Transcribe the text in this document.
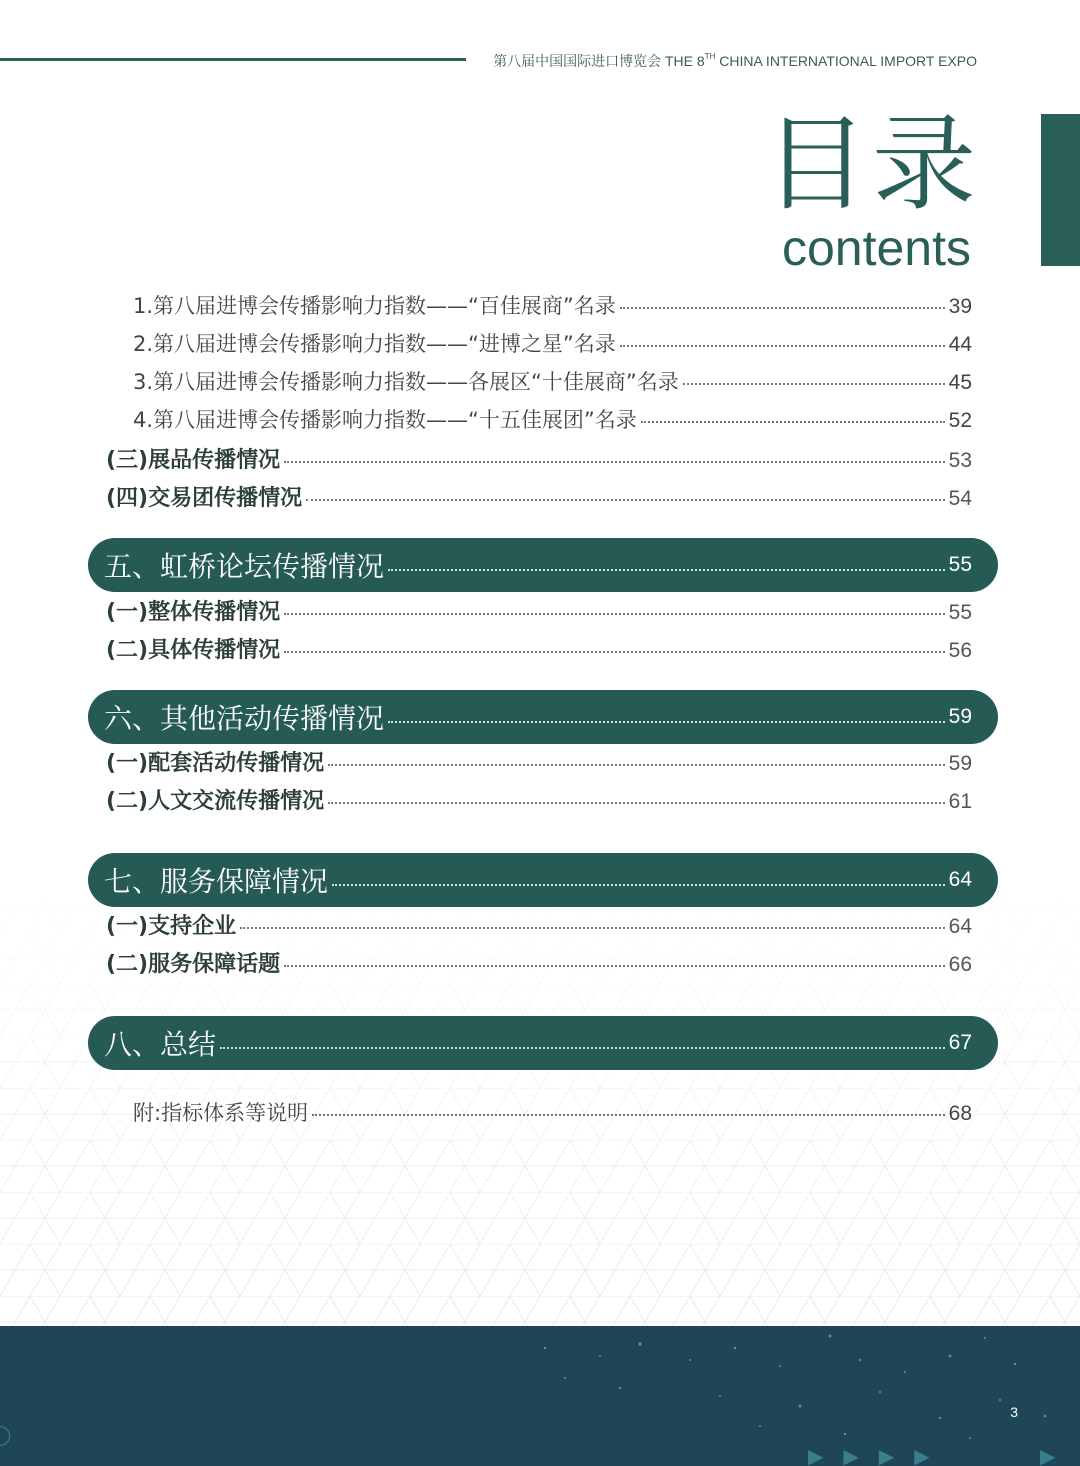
第八届中国国际进口博览会 THE 8TH CHINA INTERNATIONAL IMPORT EXPO
目录
contents
1.第八届进博会传播影响力指数——“百佳展商”名录	39
2.第八届进博会传播影响力指数——“进博之星”名录	44
3.第八届进博会传播影响力指数——各展区“十佳展商”名录	45
4.第八届进博会传播影响力指数——“十五佳展团”名录	52
(三)展品传播情况	53
(四)交易团传播情况	54
五、虹桥论坛传播情况	55
(一)整体传播情况	55
(二)具体传播情况	56
六、其他活动传播情况	59
(一)配套活动传播情况	59
(二)人文交流传播情况	61
七、服务保障情况	64
(一)支持企业	64
(二)服务保障话题	66
八、总结	67
附:指标体系等说明	68
3
▶▶▶▶	▶
